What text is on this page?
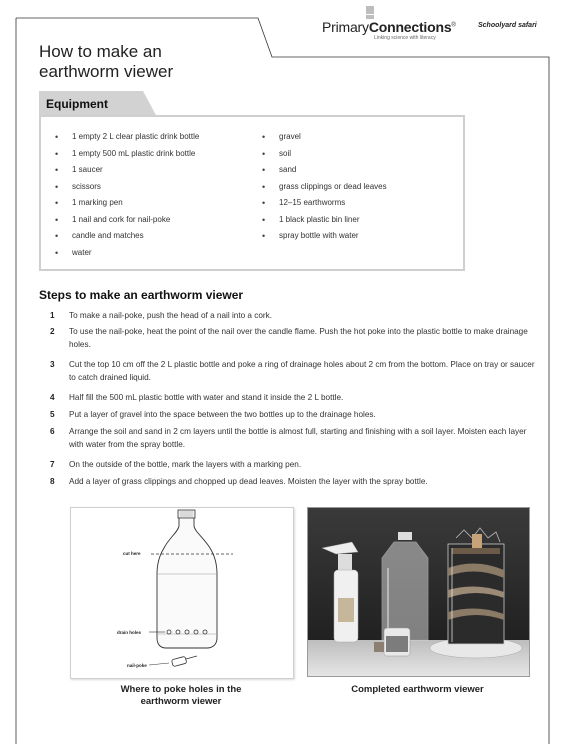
PrimaryConnections®
Linking science with literacy
Schoolyard safari
How to make an
earthworm viewer
Equipment
• 1 empty 2 L clear plastic drink bottle
• 1 empty 500 mL plastic drink bottle
• 1 saucer
• scissors
• 1 marking pen
• 1 nail and cork for nail-poke
• candle and matches
• water
• gravel
• soil
• sand
• grass clippings or dead leaves
• 12–15 earthworms
• 1 black plastic bin liner
• spray bottle with water
Steps to make an earthworm viewer
1 To make a nail-poke, push the head of a nail into a cork.
2 To use the nail-poke, heat the point of the nail over the candle flame. Push the hot poke into the plastic bottle to make drainage holes.
3 Cut the top 10 cm off the 2 L plastic bottle and poke a ring of drainage holes about 2 cm from the bottom. Place on tray or saucer to catch drained liquid.
4 Half fill the 500 mL plastic bottle with water and stand it inside the 2 L bottle.
5 Put a layer of gravel into the space between the two bottles up to the drainage holes.
6 Arrange the soil and sand in 2 cm layers until the bottle is almost full, starting and finishing with a soil layer. Moisten each layer with water from the spray bottle.
7 On the outside of the bottle, mark the layers with a marking pen.
8 Add a layer of grass clippings and chopped up dead leaves. Moisten the layer with the spray bottle.
cut here
drain holes
nail-poke
Where to poke holes in the
earthworm viewer
Completed earthworm viewer
